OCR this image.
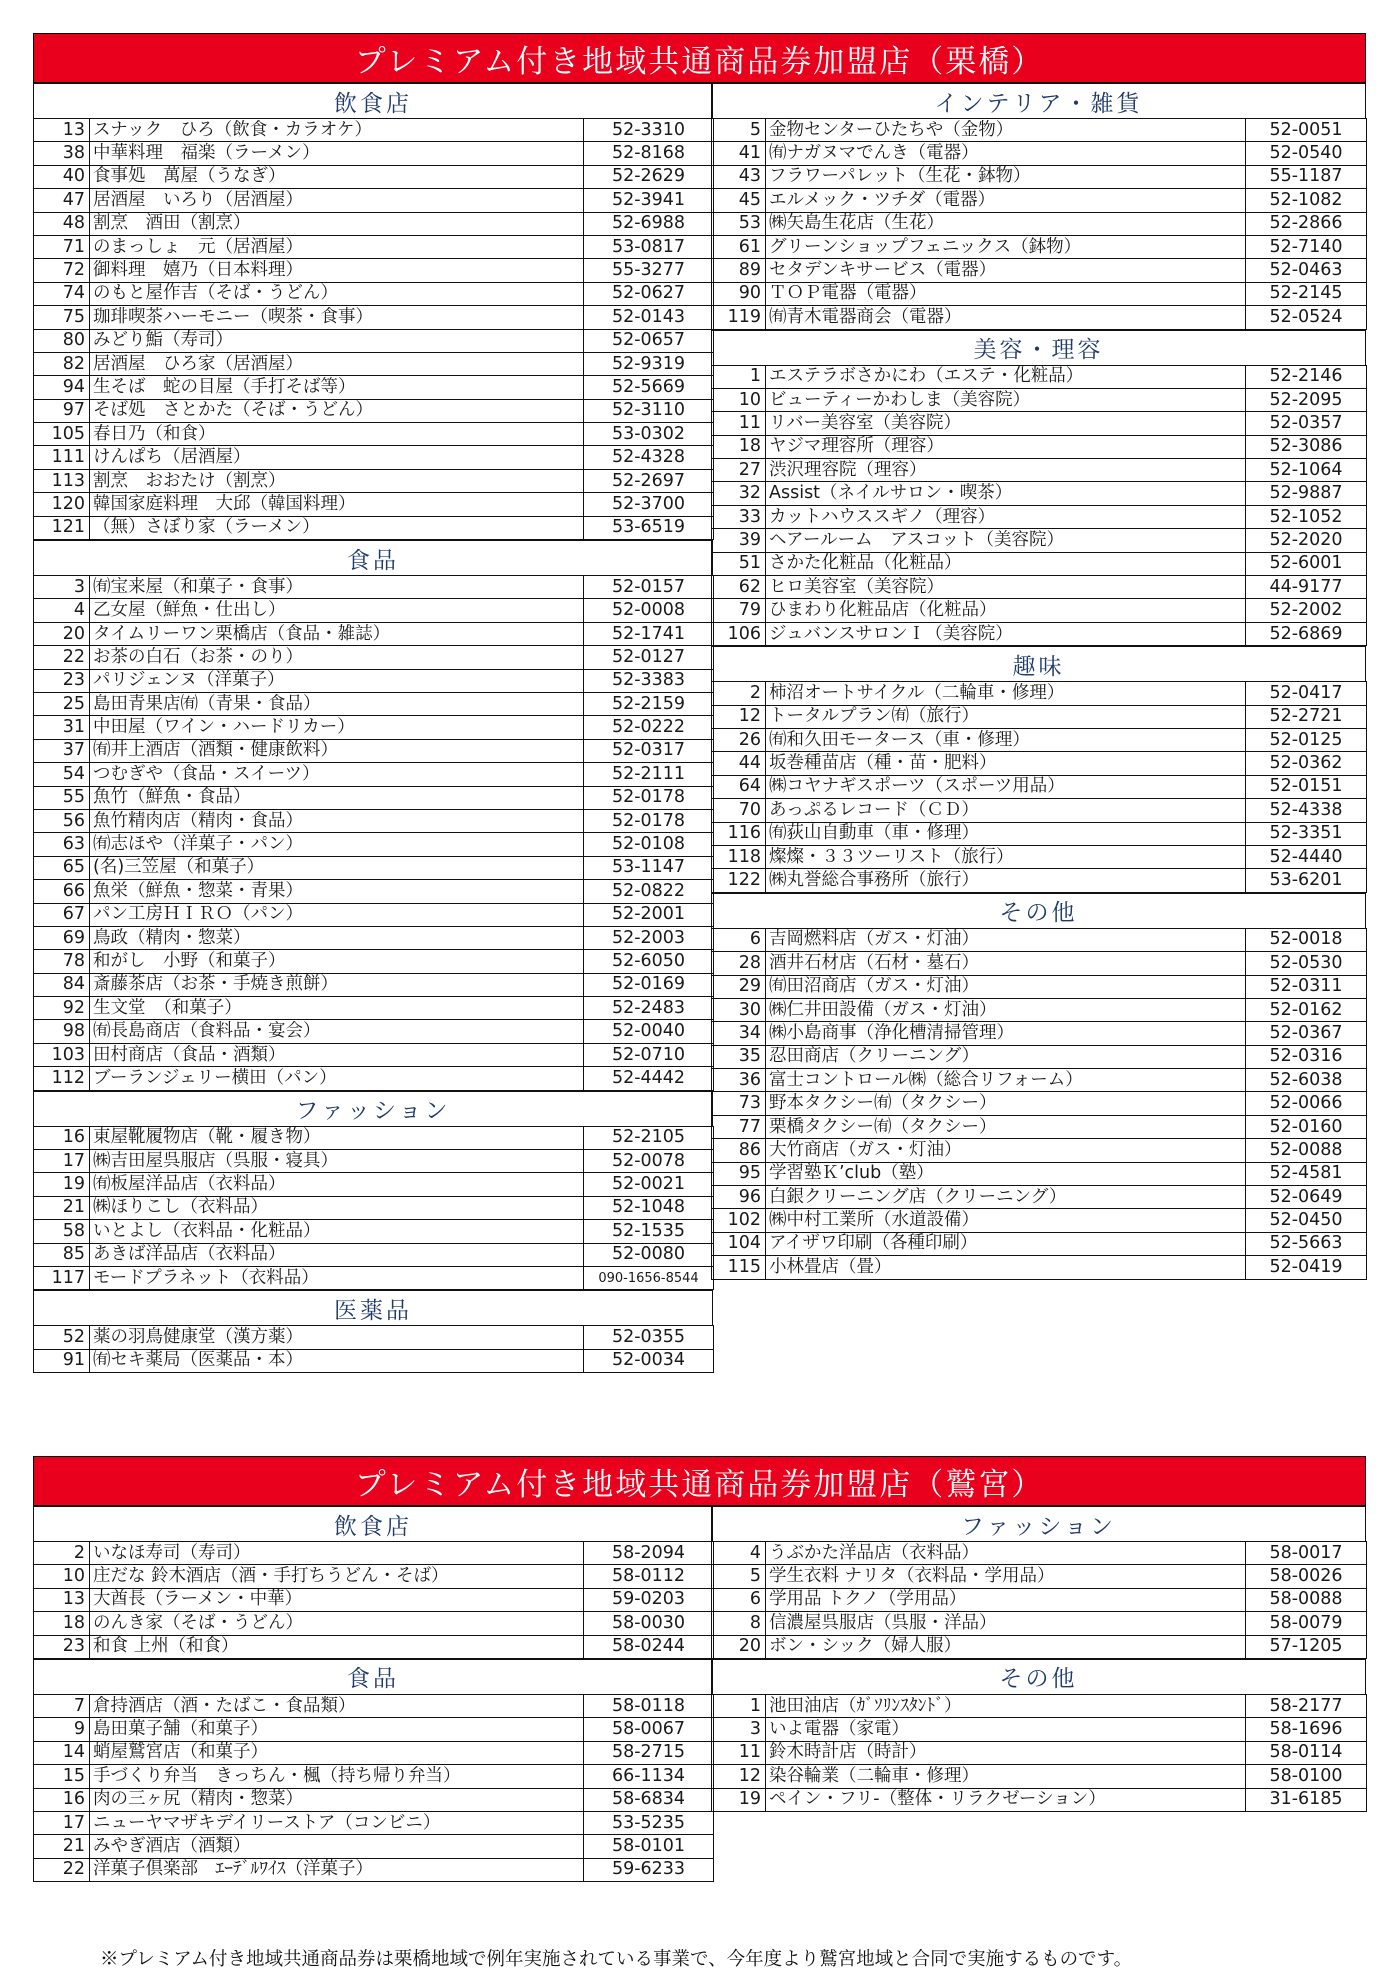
プレミアム付き地域共通商品券加盟店（栗橋）
飲食店
13	スナック　ひろ（飲食・カラオケ）	52-3310
38	中華料理　福楽（ラーメン）	52-8168
40	食事処　萬屋（うなぎ）	52-2629
47	居酒屋　いろり（居酒屋）	52-3941
48	割烹　酒田（割烹）	52-6988
71	のまっしょ　元（居酒屋）	53-0817
72	御料理　嬉乃（日本料理）	55-3277
74	のもと屋作吉（そば・うどん）	52-0627
75	珈琲喫茶ハーモニー（喫茶・食事）	52-0143
80	みどり鮨（寿司）	52-0657
82	居酒屋　ひろ家（居酒屋）	52-9319
94	生そば　蛇の目屋（手打そば等）	52-5669
97	そば処　さとかた（そば・うどん）	52-3110
105	春日乃（和食）	53-0302
111	けんぱち（居酒屋）	52-4328
113	割烹　おおたけ（割烹）	52-2697
120	韓国家庭料理　大邱（韓国料理）	52-3700
121	（無）さぼり家（ラーメン）	53-6519
食品
3	㈲宝来屋（和菓子・食事）	52-0157
4	乙女屋（鮮魚・仕出し）	52-0008
20	タイムリーワン栗橋店（食品・雑誌）	52-1741
22	お茶の白石（お茶・のり）	52-0127
23	パリジェンヌ（洋菓子）	52-3383
25	島田青果店㈲（青果・食品）	52-2159
31	中田屋（ワイン・ハードリカー）	52-0222
37	㈲井上酒店（酒類・健康飲料）	52-0317
54	つむぎや（食品・スイーツ）	52-2111
55	魚竹（鮮魚・食品）	52-0178
56	魚竹精肉店（精肉・食品）	52-0178
63	㈲志ほや（洋菓子・パン）	52-0108
65	(名)三笠屋（和菓子）	53-1147
66	魚栄（鮮魚・惣菜・青果）	52-0822
67	パン工房ＨＩＲＯ（パン）	52-2001
69	鳥政（精肉・惣菜）	52-2003
78	和がし　小野（和菓子）	52-6050
84	斎藤茶店（お茶・手焼き煎餅）	52-0169
92	生文堂　（和菓子）	52-2483
98	㈲長島商店（食料品・宴会）	52-0040
103	田村商店（食品・酒類）	52-0710
112	ブーランジェリー横田（パン）	52-4442
ファッション
16	東屋靴履物店（靴・履き物）	52-2105
17	㈱吉田屋呉服店（呉服・寝具）	52-0078
19	㈲板屋洋品店（衣料品）	52-0021
21	㈱ほりこし（衣料品）	52-1048
58	いとよし（衣料品・化粧品）	52-1535
85	あきば洋品店（衣料品）	52-0080
117	モードプラネット（衣料品）	090-1656-8544
医薬品
52	薬の羽鳥健康堂（漢方薬）	52-0355
91	㈲セキ薬局（医薬品・本）	52-0034
インテリア・雑貨
5	金物センターひたちや（金物）	52-0051
41	㈲ナガヌマでんき（電器）	52-0540
43	フラワーパレット（生花・鉢物）	55-1187
45	エルメック・ツチダ（電器）	52-1082
53	㈱矢島生花店（生花）	52-2866
61	グリーンショップフェニックス（鉢物）	52-7140
89	セタデンキサービス（電器）	52-0463
90	ＴＯＰ電器（電器）	52-2145
119	㈲青木電器商会（電器）	52-0524
美容・理容
1	エステラボさかにわ（エステ・化粧品）	52-2146
10	ビューティーかわしま（美容院）	52-2095
11	リバー美容室（美容院）	52-0357
18	ヤジマ理容所（理容）	52-3086
27	渋沢理容院（理容）	52-1064
32	Assist（ネイルサロン・喫茶）	52-9887
33	カットハウススギノ（理容）	52-1052
39	ヘアールーム　アスコット（美容院）	52-2020
51	さかた化粧品（化粧品）	52-6001
62	ヒロ美容室（美容院）	44-9177
79	ひまわり化粧品店（化粧品）	52-2002
106	ジュバンスサロンＩ（美容院）	52-6869
趣味
2	柿沼オートサイクル（二輪車・修理）	52-0417
12	トータルプラン㈲（旅行）	52-2721
26	㈲和久田モータース（車・修理）	52-0125
44	坂巻種苗店（種・苗・肥料）	52-0362
64	㈱コヤナギスポーツ（スポーツ用品）	52-0151
70	あっぷるレコード（ＣＤ）	52-4338
116	㈲荻山自動車（車・修理）	52-3351
118	燦燦・３３ツーリスト（旅行）	52-4440
122	㈱丸誉総合事務所（旅行）	53-6201
その他
6	吉岡燃料店（ガス・灯油）	52-0018
28	酒井石材店（石材・墓石）	52-0530
29	㈲田沼商店（ガス・灯油）	52-0311
30	㈱仁井田設備（ガス・灯油）	52-0162
34	㈱小島商事（浄化槽清掃管理）	52-0367
35	忍田商店（クリーニング）	52-0316
36	富士コントロール㈱（総合リフォーム）	52-6038
73	野本タクシー㈲（タクシー）	52-0066
77	栗橋タクシー㈲（タクシー）	52-0160
86	大竹商店（ガス・灯油）	52-0088
95	学習塾Ｋ’club（塾）	52-4581
96	白銀クリーニング店（クリーニング）	52-0649
102	㈱中村工業所（水道設備）	52-0450
104	アイザワ印刷（各種印刷）	52-5663
115	小林畳店（畳）	52-0419
プレミアム付き地域共通商品券加盟店（鷲宮）
飲食店
2	いなほ寿司（寿司）	58-2094
10	庄だな 鈴木酒店（酒・手打ちうどん・そば）	58-0112
13	大酋長（ラーメン・中華）	59-0203
18	のんき家（そば・うどん）	58-0030
23	和食 上州（和食）	58-0244
食品
7	倉持酒店（酒・たばこ・食品類）	58-0118
9	島田菓子舗（和菓子）	58-0067
14	蛸屋鷲宮店（和菓子）	58-2715
15	手づくり弁当　きっちん・楓（持ち帰り弁当）	66-1134
16	肉の三ヶ尻（精肉・惣菜）	58-6834
17	ニューヤマザキデイリーストア（コンビニ）	53-5235
21	みやぎ酒店（酒類）	58-0101
22	洋菓子倶楽部　ｴｰﾃﾞﾙﾜｲｽ（洋菓子）	59-6233
ファッション
4	うぶかた洋品店（衣料品）	58-0017
5	学生衣料 ナリタ（衣料品・学用品）	58-0026
6	学用品 トクノ（学用品）	58-0088
8	信濃屋呉服店（呉服・洋品）	58-0079
20	ボン・シック（婦人服）	57-1205
その他
1	池田油店（ｶﾞｿﾘﾝｽﾀﾝﾄﾞ）	58-2177
3	いよ電器（家電）	58-1696
11	鈴木時計店（時計）	58-0114
12	染谷輪業（二輪車・修理）	58-0100
19	ペイン・フリ-（整体・リラクゼーション）	31-6185
※プレミアム付き地域共通商品券は栗橋地域で例年実施されている事業で、今年度より鷲宮地域と合同で実施するものです。
